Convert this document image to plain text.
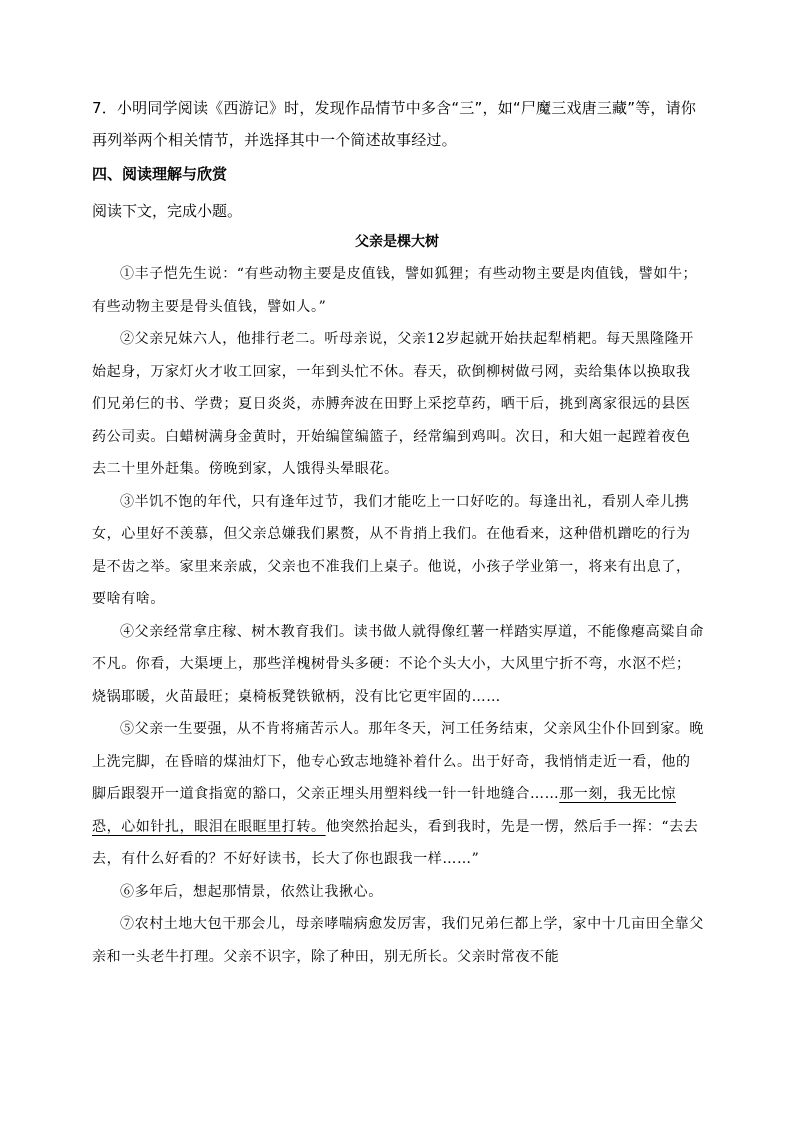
7．小明同学阅读《西游记》时，发现作品情节中多含“三”，如“尸魔三戏唐三藏”等，请你再列举两个相关情节，并选择其中一个简述故事经过。
四、阅读理解与欣赏
阅读下文，完成小题。
父亲是棵大树

①丰子恺先生说：“有些动物主要是皮值钱，譬如狐狸；有些动物主要是肉值钱，譬如牛；有些动物主要是骨头值钱，譬如人。”

②父亲兄妹六人，他排行老二。听母亲说，父亲12岁起就开始扶起犁梢耙。每天黑隆隆开始起身，万家灯火才收工回家，一年到头忙不休。春天，砍倒柳树做弓网，卖给集体以换取我们兄弟仨的书、学费；夏日炎炎，赤膊奔波在田野上采挖草药，晒干后，挑到离家很远的县医药公司卖。白蜡树满身金黄时，开始编筐编篮子，经常编到鸡叫。次日，和大姐一起蹚着夜色去二十里外赶集。傍晚到家，人饿得头晕眼花。

③半饥不饱的年代，只有逢年过节，我们才能吃上一口好吃的。每逢出礼，看别人牵儿携女，心里好不羡慕，但父亲总嫌我们累赘，从不肯捎上我们。在他看来，这种借机蹭吃的行为是不齿之举。家里来亲戚，父亲也不准我们上桌子。他说，小孩子学业第一，将来有出息了，要啥有啥。

④父亲经常拿庄稼、树木教育我们。读书做人就得像红薯一样踏实厚道，不能像瘪高粱自命不凡。你看，大渠埂上，那些洋槐树骨头多硬：不论个头大小，大风里宁折不弯，水沤不烂；烧锅耶暖，火苗最旺；桌椅板凳铁锨柄，没有比它更牢固的……

⑤父亲一生要强，从不肯将痛苦示人。那年冬天，河工任务结束，父亲风尘仆仆回到家。晚上洗完脚，在昏暗的煤油灯下，他专心致志地缝补着什么。出于好奇，我悄悄走近一看，他的脚后跟裂开一道食指宽的豁口，父亲正埋头用塑料线一针一针地缝合……那一刻，我无比惊恐，心如针扎，眼泪在眼眶里打转。他突然抬起头，看到我时，先是一愣，然后手一挥：“去去去，有什么好看的？不好好读书，长大了你也跟我一样……”

⑥多年后，想起那情景，依然让我揪心。

⑦农村土地大包干那会儿，母亲哮喘病愈发厉害，我们兄弟仨都上学，家中十几亩田全靠父亲和一头老牛打理。父亲不识字，除了种田，别无所长。父亲时常夜不能
